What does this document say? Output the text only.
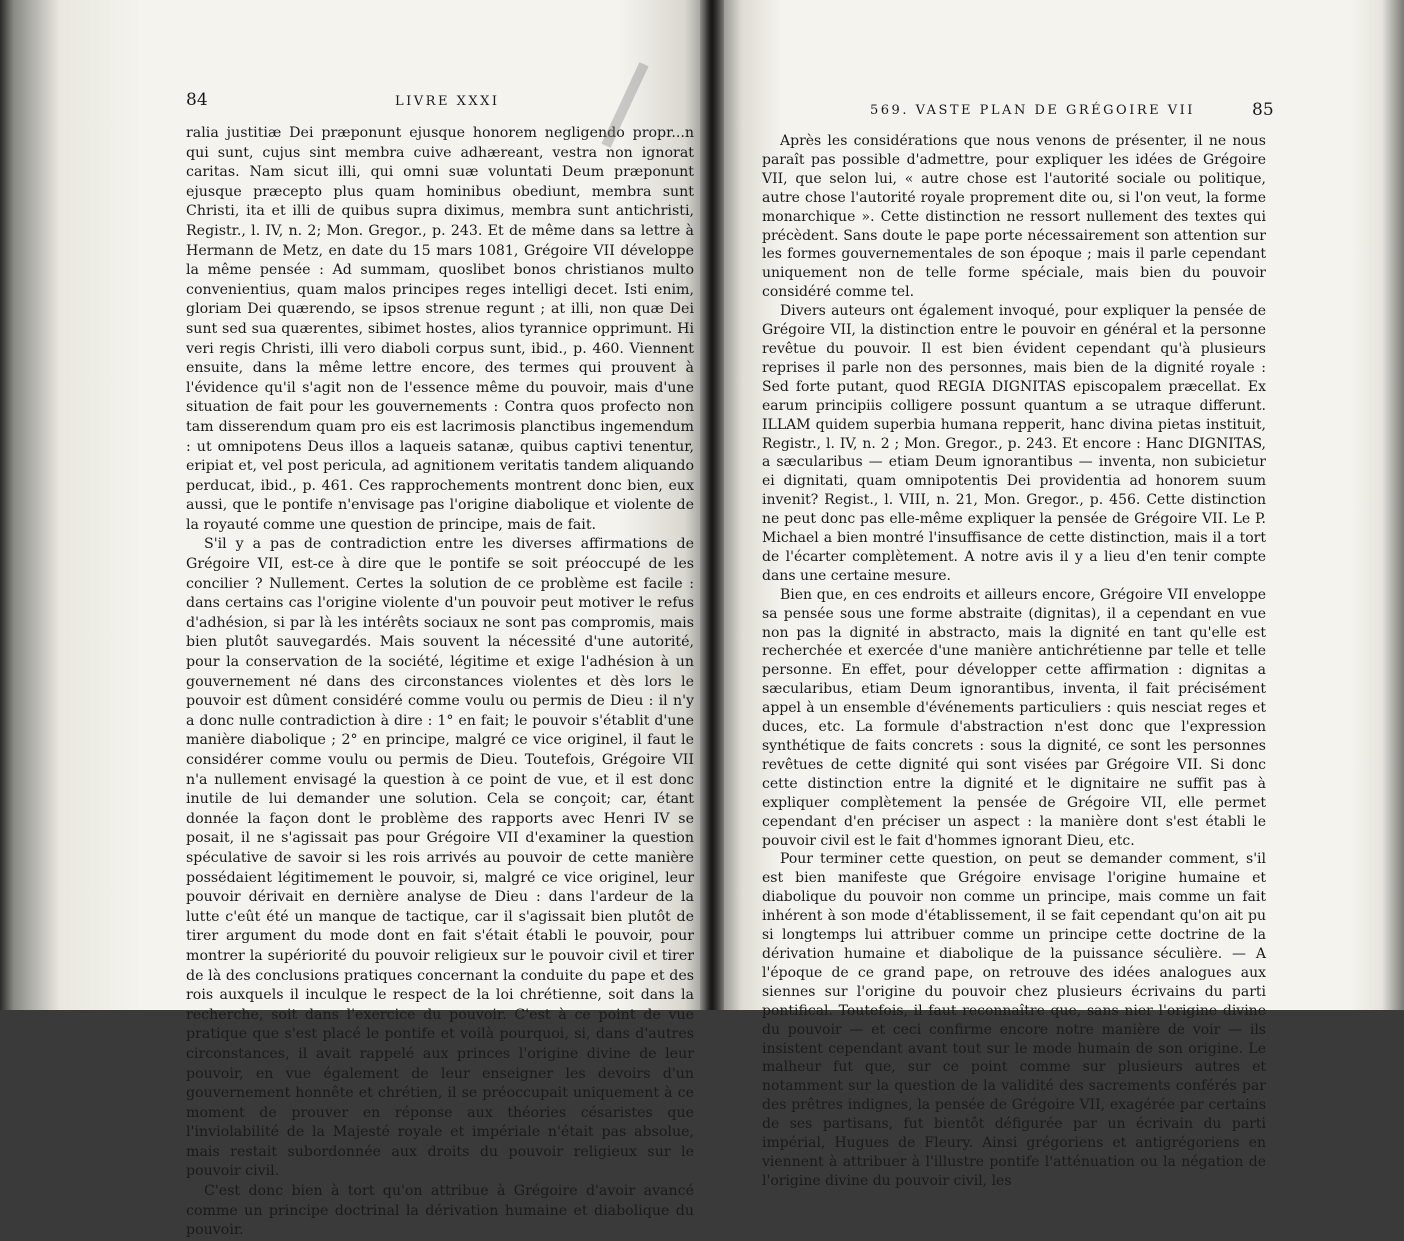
84	LIVRE XXXI

ralia justitiæ Dei præponunt ejusque honorem negligendo propr...n qui sunt, cujus sint membra cuive adhæreant, vestra non ignorat caritas. Nam sicut illi, qui omni suæ voluntati Deum præponunt ejusque præcepto plus quam hominibus obediunt, membra sunt Christi, ita et illi de quibus supra diximus, membra sunt antichristi, Registr., l. IV, n. 2; Mon. Gregor., p. 243. Et de même dans sa lettre à Hermann de Metz, en date du 15 mars 1081, Grégoire VII développe la même pensée : Ad summam, quoslibet bonos christianos multo convenientius, quam malos principes reges intelligi decet. Isti enim, gloriam Dei quærendo, se ipsos strenue regunt ; at illi, non quæ Dei sunt sed sua quærentes, sibimet hostes, alios tyrannice opprimunt. Hi veri regis Christi, illi vero diaboli corpus sunt, ibid., p. 460. Viennent ensuite, dans la même lettre encore, des termes qui prouvent à l'évidence qu'il s'agit non de l'essence même du pouvoir, mais d'une situation de fait pour les gouvernements : Contra quos profecto non tam disserendum quam pro eis est lacrimosis planctibus ingemendum : ut omnipotens Deus illos a laqueis satanæ, quibus captivi tenentur, eripiat et, vel post pericula, ad agnitionem veritatis tandem aliquando perducat, ibid., p. 461. Ces rapprochements montrent donc bien, eux aussi, que le pontife n'envisage pas l'origine diabolique et violente de la royauté comme une question de principe, mais de fait.

S'il y a pas de contradiction entre les diverses affirmations de Grégoire VII, est-ce à dire que le pontife se soit préoccupé de les concilier ? Nullement. Certes la solution de ce problème est facile : dans certains cas l'origine violente d'un pouvoir peut motiver le refus d'adhésion, si par là les intérêts sociaux ne sont pas compromis, mais bien plutôt sauvegardés. Mais souvent la nécessité d'une autorité, pour la conservation de la société, légitime et exige l'adhésion à un gouvernement né dans des circonstances violentes et dès lors le pouvoir est dûment considéré comme voulu ou permis de Dieu : il n'y a donc nulle contradiction à dire : 1° en fait; le pouvoir s'établit d'une manière diabolique ; 2° en principe, malgré ce vice originel, il faut le considérer comme voulu ou permis de Dieu. Toutefois, Grégoire VII n'a nullement envisagé la question à ce point de vue, et il est donc inutile de lui demander une solution. Cela se conçoit; car, étant donnée la façon dont le problème des rapports avec Henri IV se posait, il ne s'agissait pas pour Grégoire VII d'examiner la question spéculative de savoir si les rois arrivés au pouvoir de cette manière possédaient légitimement le pouvoir, si, malgré ce vice originel, leur pouvoir dérivait en dernière analyse de Dieu : dans l'ardeur de la lutte c'eût été un manque de tactique, car il s'agissait bien plutôt de tirer argument du mode dont en fait s'était établi le pouvoir, pour montrer la supériorité du pouvoir religieux sur le pouvoir civil et tirer de là des conclusions pratiques concernant la conduite du pape et des rois auxquels il inculque le respect de la loi chrétienne, soit dans la recherche, soit dans l'exercice du pouvoir. C'est à ce point de vue pratique que s'est placé le pontife et voilà pourquoi, si, dans d'autres circonstances, il avait rappelé aux princes l'origine divine de leur pouvoir, en vue également de leur enseigner les devoirs d'un gouvernement honnête et chrétien, il se préoccupait uniquement à ce moment de prouver en réponse aux théories césaristes que l'inviolabilité de la Majesté royale et impériale n'était pas absolue, mais restait subordonnée aux droits du pouvoir religieux sur le pouvoir civil.

C'est donc bien à tort qu'on attribue à Grégoire d'avoir avancé comme un principe doctrinal la dérivation humaine et diabolique du pouvoir.

569. VASTE PLAN DE GRÉGOIRE VII	85

Après les considérations que nous venons de présenter, il ne nous paraît pas possible d'admettre, pour expliquer les idées de Grégoire VII, que selon lui, « autre chose est l'autorité sociale ou politique, autre chose l'autorité royale proprement dite ou, si l'on veut, la forme monarchique ». Cette distinction ne ressort nullement des textes qui précèdent. Sans doute le pape porte nécessairement son attention sur les formes gouvernementales de son époque ; mais il parle cependant uniquement non de telle forme spéciale, mais bien du pouvoir considéré comme tel.

Divers auteurs ont également invoqué, pour expliquer la pensée de Grégoire VII, la distinction entre le pouvoir en général et la personne revêtue du pouvoir. Il est bien évident cependant qu'à plusieurs reprises il parle non des personnes, mais bien de la dignité royale : Sed forte putant, quod REGIA DIGNITAS episcopalem præcellat. Ex earum principiis colligere possunt quantum a se utraque differunt. ILLAM quidem superbia humana repperit, hanc divina pietas instituit, Registr., l. IV, n. 2 ; Mon. Gregor., p. 243. Et encore : Hanc DIGNITAS, a sæcularibus — etiam Deum ignorantibus — inventa, non subicietur ei dignitati, quam omnipotentis Dei providentia ad honorem suum invenit? Regist., l. VIII, n. 21, Mon. Gregor., p. 456. Cette distinction ne peut donc pas elle-même expliquer la pensée de Grégoire VII. Le P. Michael a bien montré l'insuffisance de cette distinction, mais il a tort de l'écarter complètement. A notre avis il y a lieu d'en tenir compte dans une certaine mesure.

Bien que, en ces endroits et ailleurs encore, Grégoire VII enveloppe sa pensée sous une forme abstraite (dignitas), il a cependant en vue non pas la dignité in abstracto, mais la dignité en tant qu'elle est recherchée et exercée d'une manière antichrétienne par telle et telle personne. En effet, pour développer cette affirmation : dignitas a sæcularibus, etiam Deum ignorantibus, inventa, il fait précisément appel à un ensemble d'événements particuliers : quis nesciat reges et duces, etc. La formule d'abstraction n'est donc que l'expression synthétique de faits concrets : sous la dignité, ce sont les personnes revêtues de cette dignité qui sont visées par Grégoire VII. Si donc cette distinction entre la dignité et le dignitaire ne suffit pas à expliquer complètement la pensée de Grégoire VII, elle permet cependant d'en préciser un aspect : la manière dont s'est établi le pouvoir civil est le fait d'hommes ignorant Dieu, etc.

Pour terminer cette question, on peut se demander comment, s'il est bien manifeste que Grégoire envisage l'origine humaine et diabolique du pouvoir non comme un principe, mais comme un fait inhérent à son mode d'établissement, il se fait cependant qu'on ait pu si longtemps lui attribuer comme un principe cette doctrine de la dérivation humaine et diabolique de la puissance séculière. — A l'époque de ce grand pape, on retrouve des idées analogues aux siennes sur l'origine du pouvoir chez plusieurs écrivains du parti pontifical. Toutefois, il faut reconnaître que, sans nier l'origine divine du pouvoir — et ceci confirme encore notre manière de voir — ils insistent cependant avant tout sur le mode humain de son origine. Le malheur fut que, sur ce point comme sur plusieurs autres et notamment sur la question de la validité des sacrements conférés par des prêtres indignes, la pensée de Grégoire VII, exagérée par certains de ses partisans, fut bientôt défigurée par un écrivain du parti impérial, Hugues de Fleury. Ainsi grégoriens et antigrégoriens en viennent à attribuer à l'illustre pontife l'atténuation ou la négation de l'origine divine du pouvoir civil, les
